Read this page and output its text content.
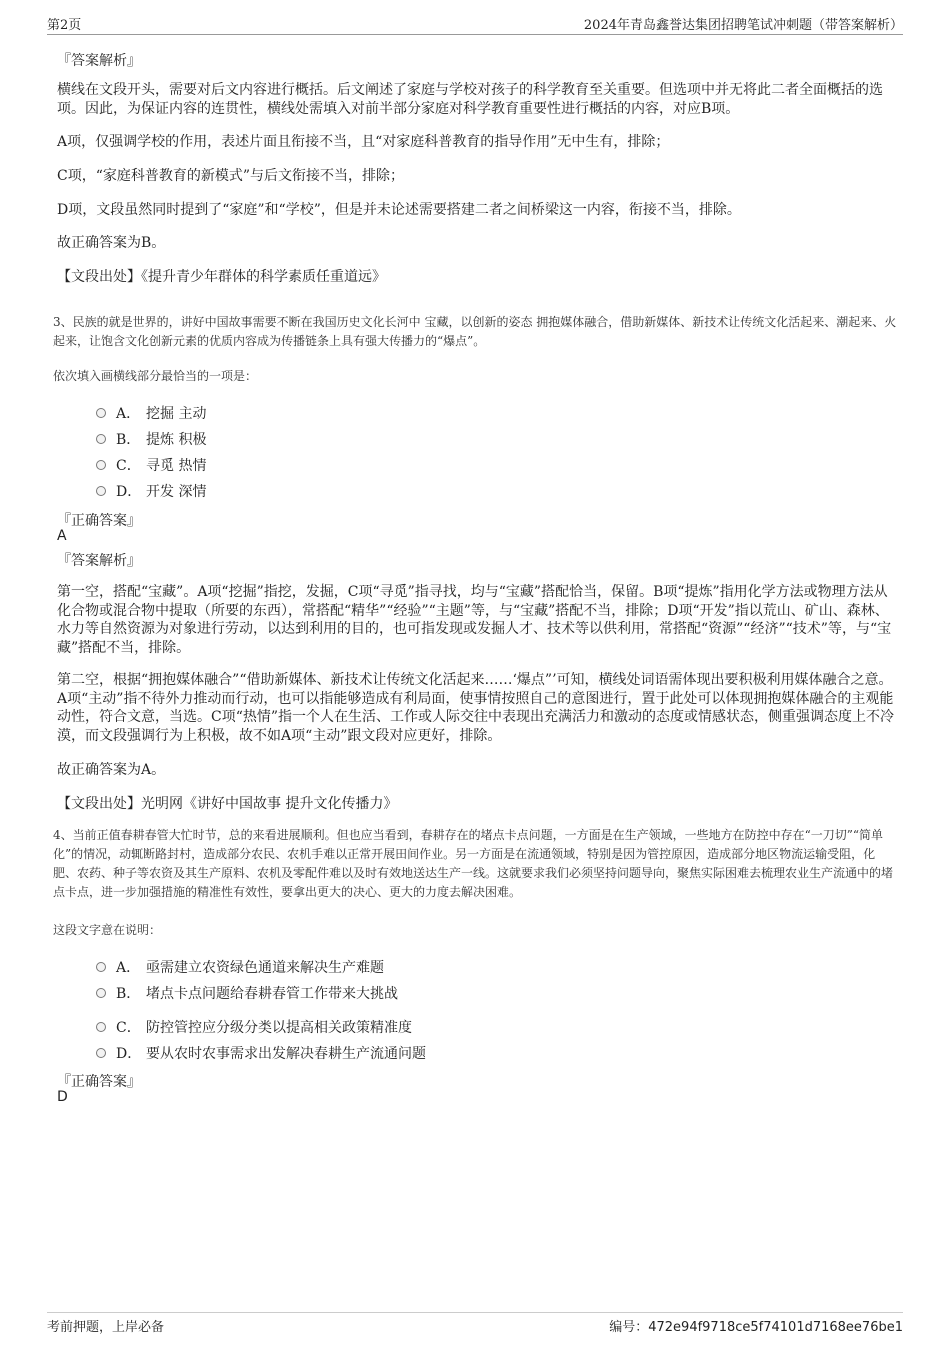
第2页	2024年青岛鑫誉达集团招聘笔试冲刺题（带答案解析）
『答案解析』
横线在文段开头，需要对后文内容进行概括。后文阐述了家庭与学校对孩子的科学教育至关重要。但选项中并无将此二者全面概括的选项。因此，为保证内容的连贯性，横线处需填入对前半部分家庭对科学教育重要性进行概括的内容，对应B项。
A项，仅强调学校的作用，表述片面且衔接不当，且“对家庭科普教育的指导作用”无中生有，排除；
C项，“家庭科普教育的新模式”与后文衔接不当，排除；
D项，文段虽然同时提到了“家庭”和“学校”，但是并未论述需要搭建二者之间桥梁这一内容，衔接不当，排除。
故正确答案为B。
【文段出处】《提升青少年群体的科学素质任重道远》
3、民族的就是世界的，讲好中国故事需要不断在我国历史文化长河中 宝藏，以创新的姿态 拥抱媒体融合，借助新媒体、新技术让传统文化活起来、潮起来、火起来，让饱含文化创新元素的优质内容成为传播链条上具有强大传播力的“爆点”。
依次填入画横线部分最恰当的一项是：
A． 挖掘 主动
B． 提炼 积极
C． 寻觅 热情
D． 开发 深情
『正确答案』
A
『答案解析』
第一空，搭配“宝藏”。A项“挖掘”指挖，发掘，C项“寻觅”指寻找，均与“宝藏”搭配恰当，保留。B项“提炼”指用化学方法或物理方法从化合物或混合物中提取（所要的东西），常搭配“精华”“经验”“主题”等，与“宝藏”搭配不当，排除；D项“开发”指以荒山、矿山、森林、水力等自然资源为对象进行劳动，以达到利用的目的，也可指发现或发掘人才、技术等以供利用，常搭配“资源”“经济”“技术”等，与“宝藏”搭配不当，排除。
第二空，根据“拥抱媒体融合”“借助新媒体、新技术让传统文化活起来……‘爆点”’可知，横线处词语需体现出要积极利用媒体融合之意。A项“主动”指不待外力推动而行动，也可以指能够造成有利局面，使事情按照自己的意图进行，置于此处可以体现拥抱媒体融合的主观能动性，符合文意，当选。C项“热情”指一个人在生活、工作或人际交往中表现出充满活力和激动的态度或情感状态，侧重强调态度上不冷漠，而文段强调行为上积极，故不如A项“主动”跟文段对应更好，排除。
故正确答案为A。
【文段出处】光明网《讲好中国故事 提升文化传播力》
4、当前正值春耕春管大忙时节，总的来看进展顺利。但也应当看到，春耕存在的堵点卡点问题，一方面是在生产领域，一些地方在防控中存在“一刀切”“简单化”的情况，动辄断路封村，造成部分农民、农机手难以正常开展田间作业。另一方面是在流通领域，特别是因为管控原因，造成部分地区物流运输受阻，化肥、农药、种子等农资及其生产原料、农机及零配件难以及时有效地送达生产一线。这就要求我们必须坚持问题导向，聚焦实际困难去梳理农业生产流通中的堵点卡点，进一步加强措施的精准性有效性，要拿出更大的决心、更大的力度去解决困难。
这段文字意在说明：
A． 亟需建立农资绿色通道来解决生产难题
B． 堵点卡点问题给春耕春管工作带来大挑战
C． 防控管控应分级分类以提高相关政策精准度
D． 要从农时农事需求出发解决春耕生产流通问题
『正确答案』
D
考前押题，上岸必备	编号：472e94f9718ce5f74101d7168ee76be1
